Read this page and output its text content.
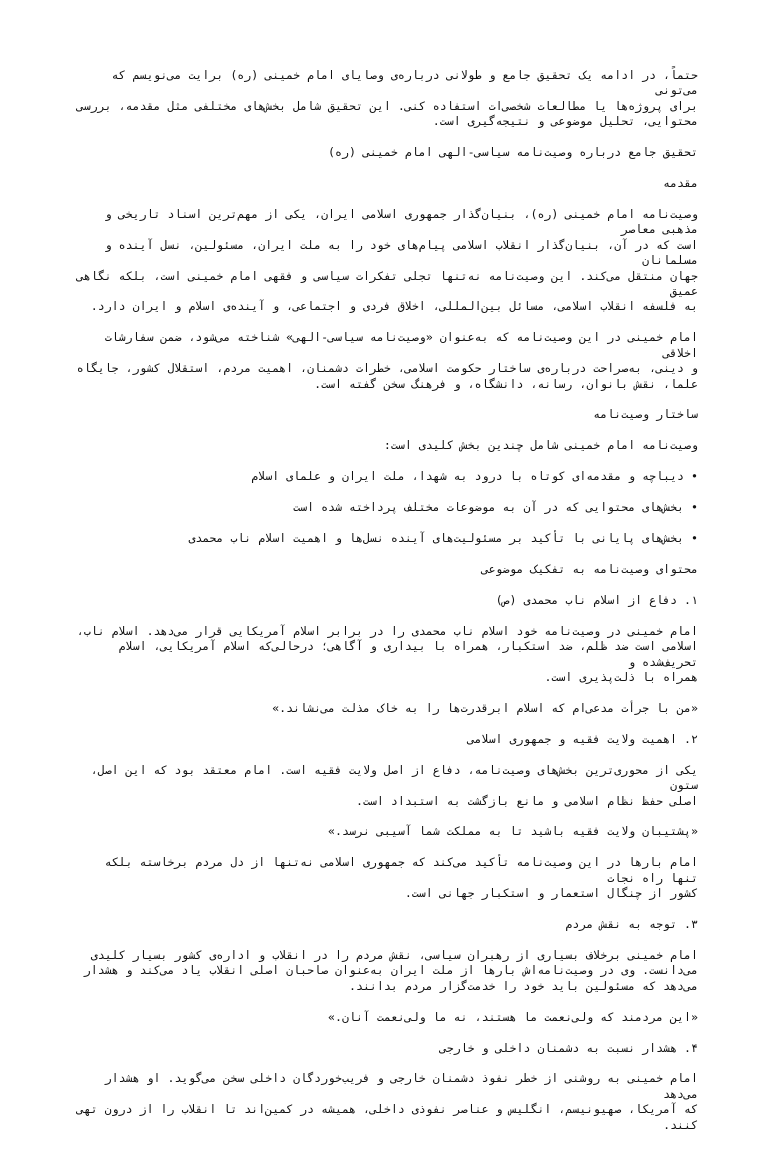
حتماً، در ادامه یک تحقیق جامع و طولانی درباره‌ی وصایای امام خمینی (ره) برایت می‌نویسم که می‌تونی
برای پروژه‌ها یا مطالعات شخصی‌ات استفاده کنی. این تحقیق شامل بخش‌های مختلفی مثل مقدمه، بررسی
محتوایی، تحلیل موضوعی و نتیجه‌گیری است.

تحقیق جامع درباره وصیت‌نامه سیاسی-الهی امام خمینی (ره)

مقدمه

وصیت‌نامه امام خمینی (ره)، بنیان‌گذار جمهوری اسلامی ایران، یکی از مهم‌ترین اسناد تاریخی و مذهبی معاصر
است که در آن، بنیان‌گذار انقلاب اسلامی پیام‌های خود را به ملت ایران، مسئولین، نسل آینده و مسلمانان
جهان منتقل می‌کند. این وصیت‌نامه نه‌تنها تجلی تفکرات سیاسی و فقهی امام خمینی است، بلکه نگاهی عمیق
به فلسفه انقلاب اسلامی، مسائل بین‌المللی، اخلاق فردی و اجتماعی، و آینده‌ی اسلام و ایران دارد.

امام خمینی در این وصیت‌نامه که به‌عنوان «وصیت‌نامه سیاسی-الهی» شناخته می‌شود، ضمن سفارشات اخلاقی
و دینی، به‌صراحت درباره‌ی ساختار حکومت اسلامی، خطرات دشمنان، اهمیت مردم، استقلال کشور، جایگاه
علما، نقش بانوان، رسانه، دانشگاه، و فرهنگ سخن گفته است.

ساختار وصیت‌نامه

وصیت‌نامه امام خمینی شامل چندین بخش کلیدی است:

• دیباچه و مقدمه‌ای کوتاه با درود به شهدا، ملت ایران و علمای اسلام

• بخش‌های محتوایی که در آن به موضوعات مختلف پرداخته شده است

• بخش‌های پایانی با تأکید بر مسئولیت‌های آینده نسل‌ها و اهمیت اسلام ناب محمدی

محتوای وصیت‌نامه به تفکیک موضوعی

۱. دفاع از اسلام ناب محمدی (ص)

امام خمینی در وصیت‌نامه خود اسلام ناب محمدی را در برابر اسلام آمریکایی قرار می‌دهد. اسلام ناب،
اسلامی است ضد ظلم، ضد استکبار، همراه با بیداری و آگاهی؛ درحالی‌که اسلام آمریکایی، اسلام تحریف‌شده و
همراه با ذلت‌پذیری است.

«من با جرأت مدعی‌ام که اسلام ابرقدرت‌ها را به خاک مذلت می‌نشاند.»

۲. اهمیت ولایت فقیه و جمهوری اسلامی

یکی از محوری‌ترین بخش‌های وصیت‌نامه، دفاع از اصل ولایت فقیه است. امام معتقد بود که این اصل، ستون
اصلی حفظ نظام اسلامی و مانع بازگشت به استبداد است.

«پشتیبان ولایت فقیه باشید تا به مملکت شما آسیبی نرسد.»

امام بارها در این وصیت‌نامه تأکید می‌کند که جمهوری اسلامی نه‌تنها از دل مردم برخاسته بلکه تنها راه نجات
کشور از چنگال استعمار و استکبار جهانی است.

۳. توجه به نقش مردم

امام خمینی برخلاف بسیاری از رهبران سیاسی، نقش مردم را در انقلاب و اداره‌ی کشور بسیار کلیدی
می‌دانست. وی در وصیت‌نامه‌اش بارها از ملت ایران به‌عنوان صاحبان اصلی انقلاب یاد می‌کند و هشدار
می‌دهد که مسئولین باید خود را خدمت‌گزار مردم بدانند.

«این مردمند که ولی‌نعمت ما هستند، نه ما ولی‌نعمت آنان.»

۴. هشدار نسبت به دشمنان داخلی و خارجی

امام خمینی به روشنی از خطر نفوذ دشمنان خارجی و فریب‌خوردگان داخلی سخن می‌گوید. او هشدار می‌دهد
که آمریکا، صهیونیسم، انگلیس و عناصر نفوذی داخلی، همیشه در کمین‌اند تا انقلاب را از درون تهی کنند.
